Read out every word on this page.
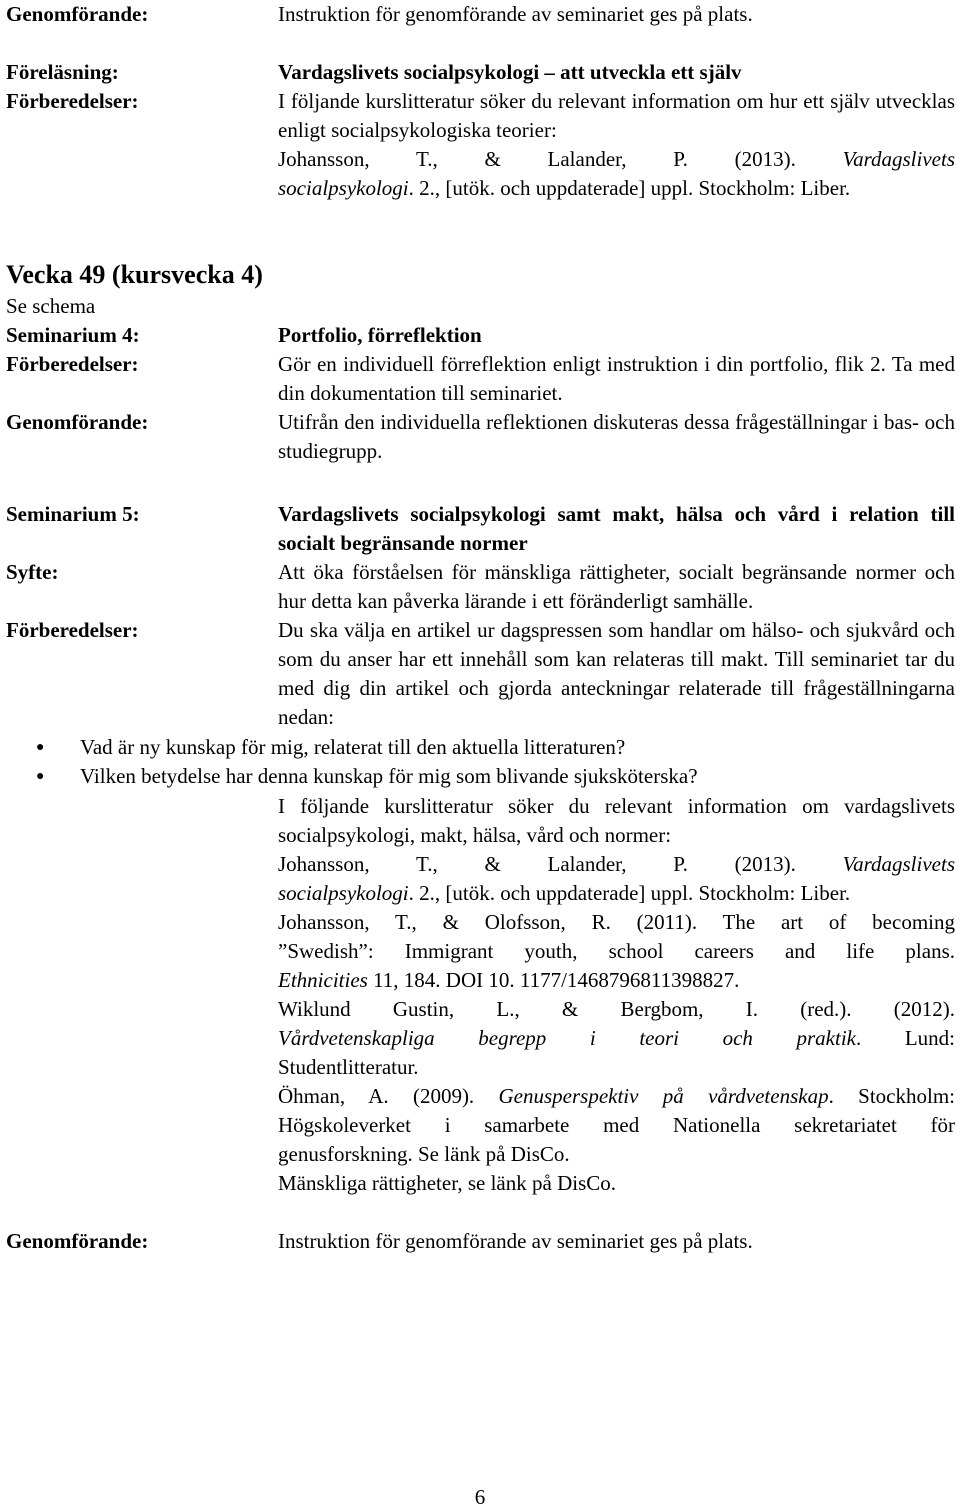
Genomförande:	Instruktion för genomförande av seminariet ges på plats.
Föreläsning:	Vardagslivets socialpsykologi – att utveckla ett själv
Förberedelser:	I följande kurslitteratur söker du relevant information om hur ett själv utvecklas enligt socialpsykologiska teorier:
Johansson, T., & Lalander, P. (2013). Vardagslivets
socialpsykologi. 2., [utök. och uppdaterade] uppl. Stockholm: Liber.
Vecka 49 (kursvecka 4)
Se schema
Seminarium 4:	Portfolio, förreflektion
Förberedelser:	Gör en individuell förreflektion enligt instruktion i din portfolio, flik 2. Ta med din dokumentation till seminariet.
Genomförande:	Utifrån den individuella reflektionen diskuteras dessa frågeställningar i bas- och studiegrupp.
Seminarium 5:	Vardagslivets socialpsykologi samt makt, hälsa och vård i relation till socialt begränsande normer
Syfte:	Att öka förståelsen för mänskliga rättigheter, socialt begränsande normer och hur detta kan påverka lärande i ett föränderligt samhälle.
Förberedelser:	Du ska välja en artikel ur dagspressen som handlar om hälso- och sjukvård och som du anser har ett innehåll som kan relateras till makt. Till seminariet tar du med dig din artikel och gjorda anteckningar relaterade till frågeställningarna nedan:
● Vad är ny kunskap för mig, relaterat till den aktuella litteraturen?
● Vilken betydelse har denna kunskap för mig som blivande sjuksköterska?
I följande kurslitteratur söker du relevant information om vardagslivets socialpsykologi, makt, hälsa, vård och normer:
Johansson, T., & Lalander, P. (2013). Vardagslivets
socialpsykologi. 2., [utök. och uppdaterade] uppl. Stockholm: Liber.
Johansson, T., & Olofsson, R. (2011). The art of becoming
”Swedish”: Immigrant youth, school careers and life plans.
Ethnicities 11, 184. DOI 10. 1177/1468796811398827.
Wiklund Gustin, L., & Bergbom, I. (red.). (2012).
Vårdvetenskapliga begrepp i teori och praktik. Lund:
Studentlitteratur.
Öhman, A. (2009). Genusperspektiv på vårdvetenskap. Stockholm:
Högskoleverket i samarbete med Nationella sekretariatet för
genusforskning. Se länk på DisCo.
Mänskliga rättigheter, se länk på DisCo.
Genomförande:	Instruktion för genomförande av seminariet ges på plats.
6
